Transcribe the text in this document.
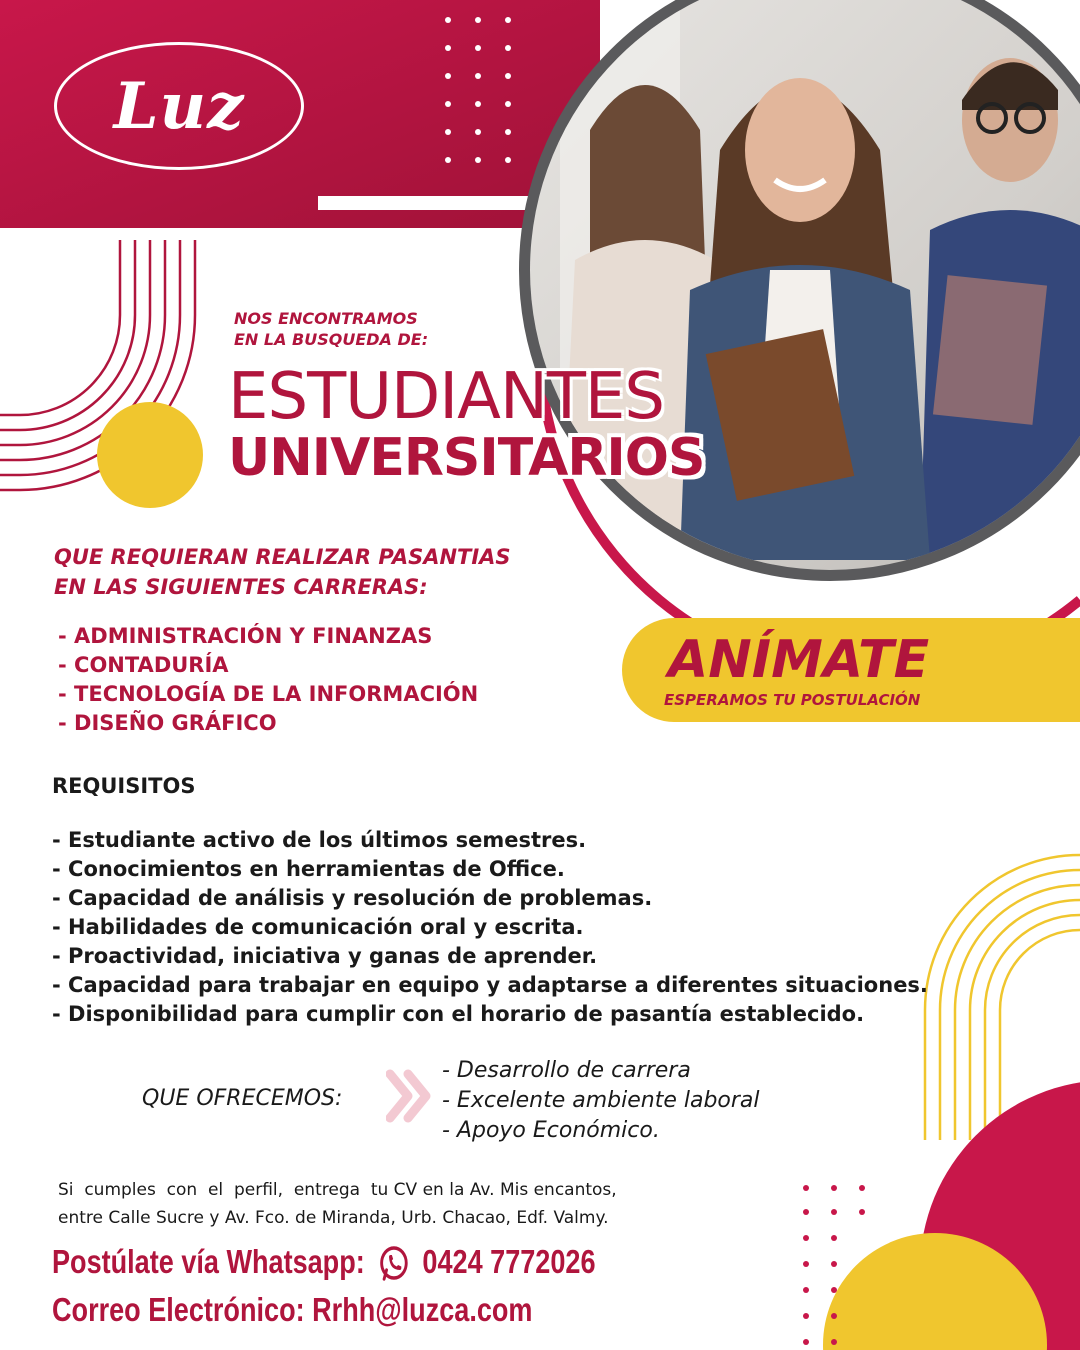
Luz
NOS ENCONTRAMOS
EN LA BUSQUEDA DE:
ESTUDIANTES
UNIVERSITARIOS
QUE REQUIERAN REALIZAR PASANTIAS
EN LAS SIGUIENTES CARRERAS:
- ADMINISTRACIÓN Y FINANZAS
- CONTADURÍA
- TECNOLOGÍA DE LA INFORMACIÓN
- DISEÑO GRÁFICO
ANÍMATE
ESPERAMOS TU POSTULACIÓN
REQUISITOS
- Estudiante activo de los últimos semestres.
- Conocimientos en herramientas de Office.
- Capacidad de análisis y resolución de problemas.
- Habilidades de comunicación oral y escrita.
- Proactividad, iniciativa y ganas de aprender.
- Capacidad para trabajar en equipo y adaptarse a diferentes situaciones.
- Disponibilidad para cumplir con el horario de pasantía establecido.
QUE OFRECEMOS:
- Desarrollo de carrera
- Excelente ambiente laboral
- Apoyo Económico.
Si  cumples  con  el  perfil,  entrega  tu CV en la Av. Mis encantos,
entre Calle Sucre y Av. Fco. de Miranda, Urb. Chacao, Edf. Valmy.
Postúlate vía Whatsapp: 0424 7772026
Correo Electrónico: Rrhh@luzca.com
